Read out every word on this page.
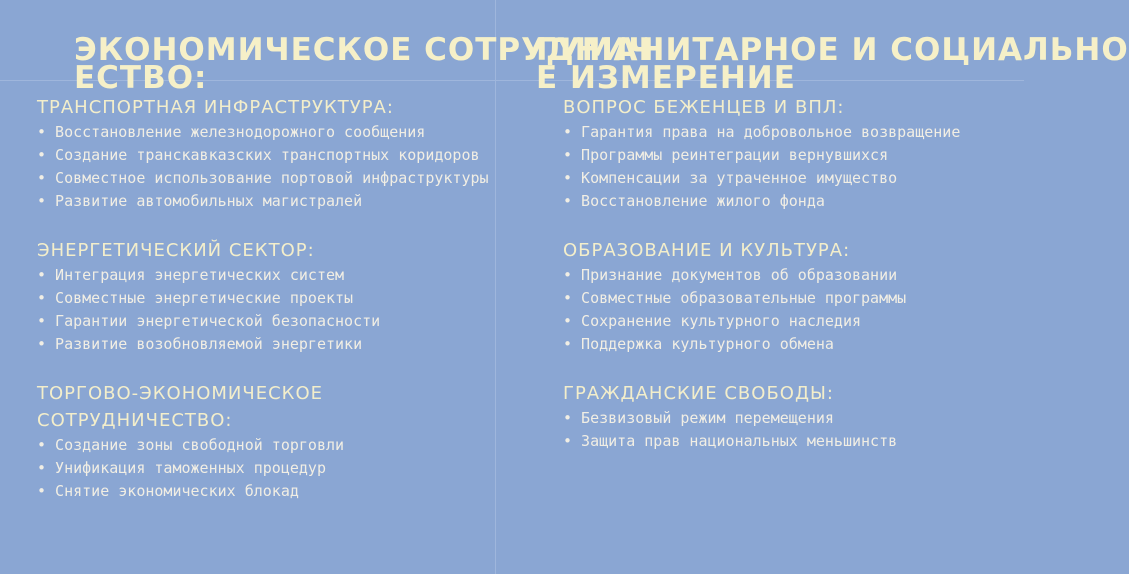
ЭКОНОМИЧЕСКОЕ СОТРУДНИЧ
ЕСТВО:
ГУМАНИТАРНОЕ И СОЦИАЛЬНО
Е ИЗМЕРЕНИЕ
ТРАНСПОРТНАЯ ИНФРАСТРУКТУРА:
• Восстановление железнодорожного сообщения
• Создание транскавказских транспортных коридоров
• Совместное использование портовой инфраструктуры
• Развитие автомобильных магистралей
ЭНЕРГЕТИЧЕСКИЙ СЕКТОР:
• Интеграция энергетических систем
• Совместные энергетические проекты
• Гарантии энергетической безопасности
• Развитие возобновляемой энергетики
ТОРГОВО-ЭКОНОМИЧЕСКОЕ СОТРУДНИЧЕСТВО:
• Создание зоны свободной торговли
• Унификация таможенных процедур
• Снятие экономических блокад
ВОПРОС БЕЖЕНЦЕВ И ВПЛ:
• Гарантия права на добровольное возвращение
• Программы реинтеграции вернувшихся
• Компенсации за утраченное имущество
• Восстановление жилого фонда
ОБРАЗОВАНИЕ И КУЛЬТУРА:
• Признание документов об образовании
• Совместные образовательные программы
• Сохранение культурного наследия
• Поддержка культурного обмена
ГРАЖДАНСКИЕ СВОБОДЫ:
• Безвизовый режим перемещения
• Защита прав национальных меньшинств
